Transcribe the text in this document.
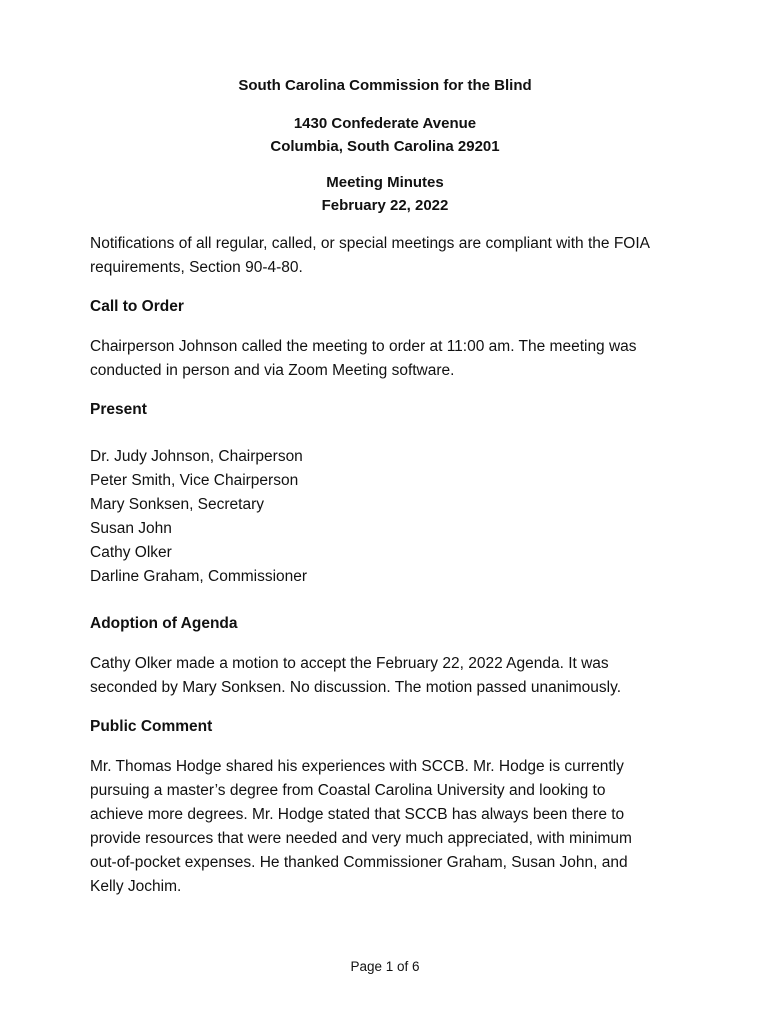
South Carolina Commission for the Blind
1430 Confederate Avenue
Columbia, South Carolina 29201
Meeting Minutes
February 22, 2022
Notifications of all regular, called, or special meetings are compliant with the FOIA
requirements, Section 90-4-80.
Call to Order
Chairperson Johnson called the meeting to order at 11:00 am. The meeting was
conducted in person and via Zoom Meeting software.
Present
Dr. Judy Johnson, Chairperson
Peter Smith, Vice Chairperson
Mary Sonksen, Secretary
Susan John
Cathy Olker
Darline Graham, Commissioner
Adoption of Agenda
Cathy Olker made a motion to accept the February 22, 2022 Agenda. It was
seconded by Mary Sonksen. No discussion. The motion passed unanimously.
Public Comment
Mr. Thomas Hodge shared his experiences with SCCB. Mr. Hodge is currently
pursuing a master’s degree from Coastal Carolina University and looking to
achieve more degrees. Mr. Hodge stated that SCCB has always been there to
provide resources that were needed and very much appreciated, with minimum
out-of-pocket expenses. He thanked Commissioner Graham, Susan John, and
Kelly Jochim.
Page 1 of 6
